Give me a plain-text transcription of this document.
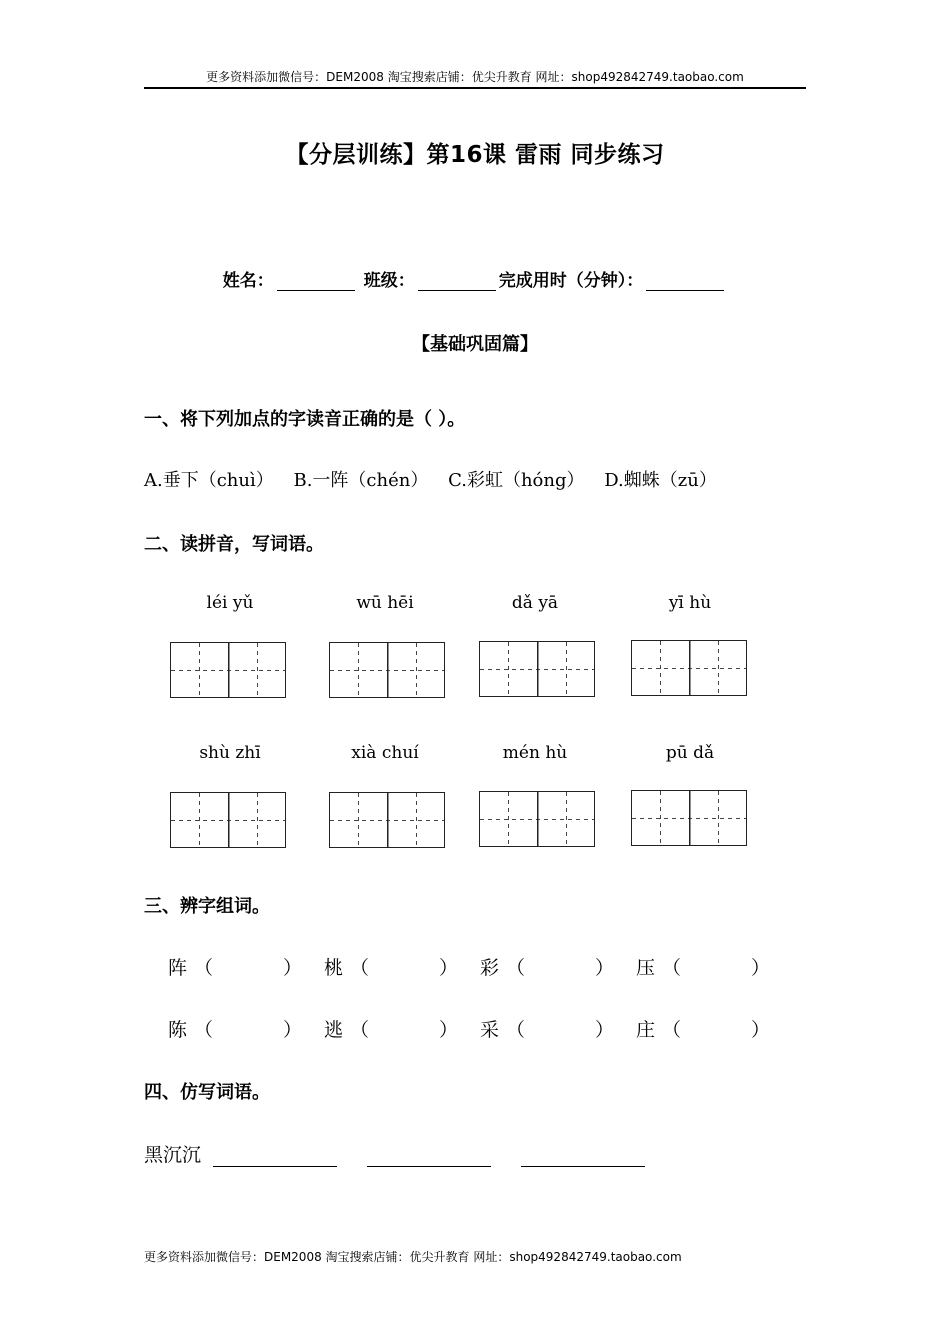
更多资料添加微信号：DEM2008 淘宝搜索店铺：优尖升教育 网址：shop492842749.taobao.com
【分层训练】第16课 雷雨 同步练习
姓名：	班级：	完成用时（分钟）：
【基础巩固篇】
一、将下列加点的字读音正确的是（ ）。
A.垂下（chuì） B.一阵（chén） C.彩虹（hóng） D.蜘蛛（zū）
二、读拼音，写词语。
léi yǔ	wū hēi	dǎ yā	yī hù
shù zhī	xià chuí	mén hù	pū dǎ
三、辨字组词。
阵 （	） 桃 （	） 彩 （	） 压 （	）
陈 （	） 逃 （	） 采 （	） 庄 （	）
四、仿写词语。
黑沉沉
更多资料添加微信号：DEM2008 淘宝搜索店铺：优尖升教育 网址：shop492842749.taobao.com
